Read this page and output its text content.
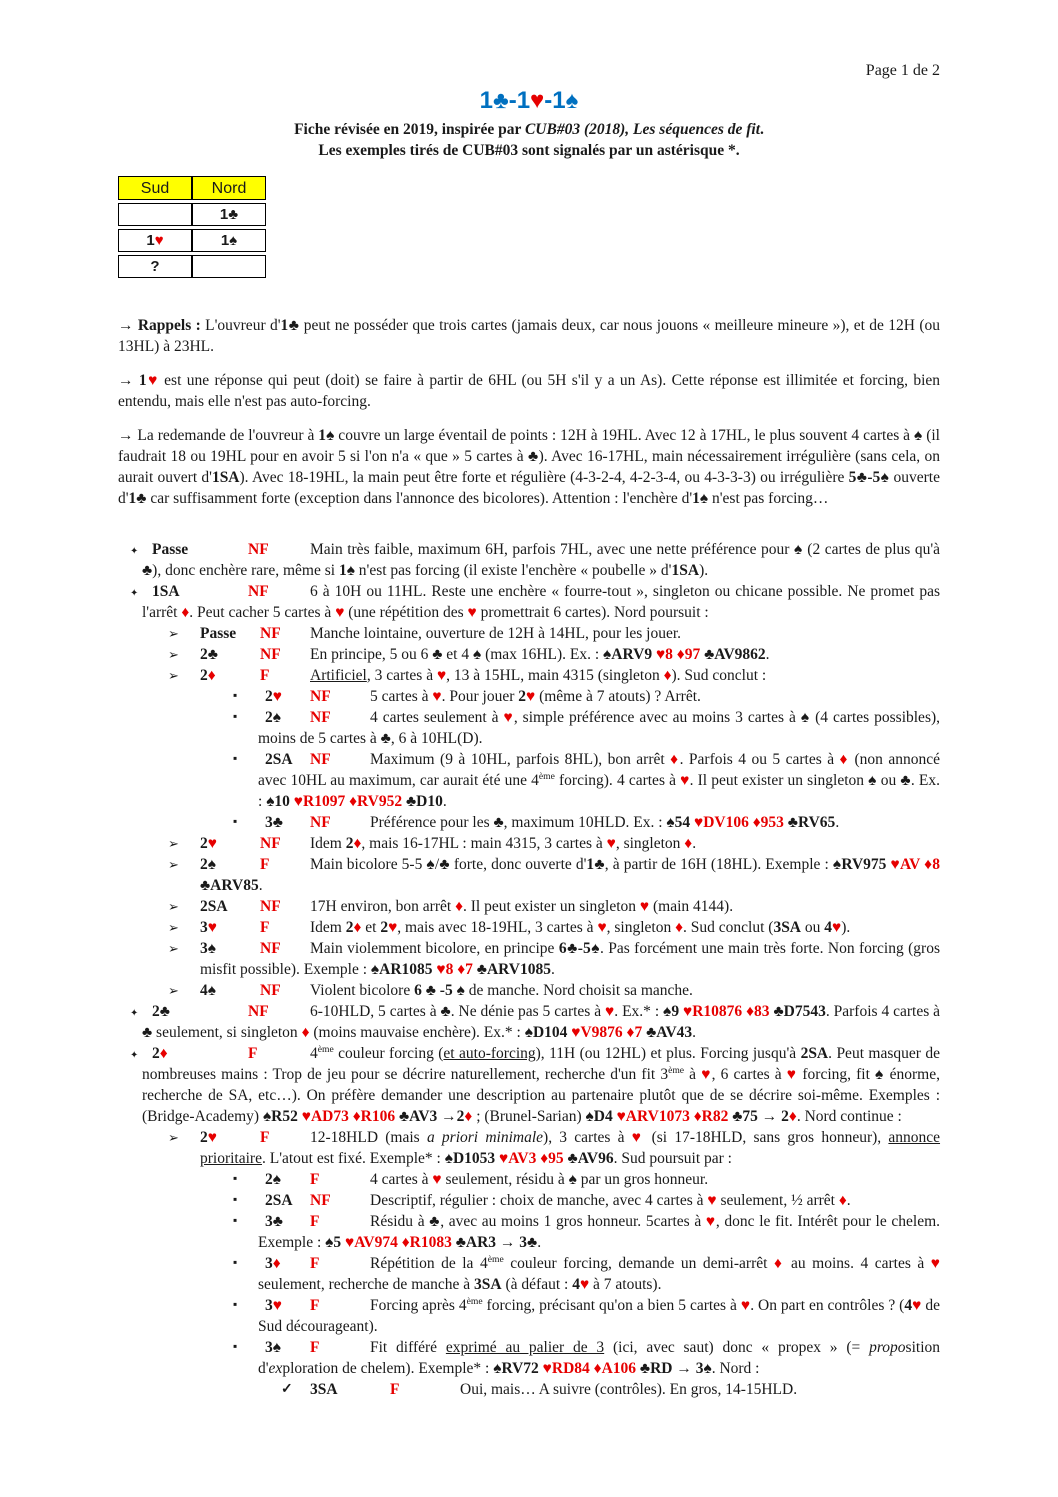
Page 1 de 2
1♣-1♥-1♠
Fiche révisée en 2019, inspirée par CUB#03 (2018), Les séquences de fit.
Les exemples tirés de CUB#03 sont signalés par un astérisque *.
Sud	Nord
	1♣
1♥	1♠
?	

→ Rappels : L'ouvreur d'1♣ peut ne posséder que trois cartes (jamais deux, car nous jouons « meilleure mineure »), et de 12H (ou 13HL) à 23HL.

→ 1♥ est une réponse qui peut (doit) se faire à partir de 6HL (ou 5H s'il y a un As). Cette réponse est illimitée et forcing, bien entendu, mais elle n'est pas auto-forcing.

→ La redemande de l'ouvreur à 1♠ couvre un large éventail de points : 12H à 19HL. Avec 12 à 17HL, le plus souvent 4 cartes à ♠ (il faudrait 18 ou 19HL pour en avoir 5 si l'on n'a « que » 5 cartes à ♣). Avec 16-17HL, main nécessairement irrégulière (sans cela, on aurait ouvert d'1SA). Avec 18-19HL, la main peut être forte et régulière (4-3-2-4, 4-2-3-4, ou 4-3-3-3) ou irrégulière 5♣-5♠ ouverte d'1♣ car suffisamment forte (exception dans l'annonce des bicolores). Attention : l'enchère d'1♠ n'est pas forcing…

✦ Passe	NF	Main très faible, maximum 6H, parfois 7HL, avec une nette préférence pour ♠ (2 cartes de plus qu'à ♣), donc enchère rare, même si 1♠ n'est pas forcing (il existe l'enchère « poubelle » d'1SA).
✦ 1SA	NF	6 à 10H ou 11HL. Reste une enchère « fourre-tout », singleton ou chicane possible. Ne promet pas l'arrêt ♦. Peut cacher 5 cartes à ♥ (une répétition des ♥ promettrait 6 cartes). Nord poursuit :
➢ Passe NF Manche lointaine, ouverture de 12H à 14HL, pour les jouer.
➢ 2♣	NF En principe, 5 ou 6 ♣ et 4 ♠ (max 16HL). Ex. : ♠ARV9 ♥8 ♦97 ♣AV9862.
➢ 2♦	F	Artificiel, 3 cartes à ♥, 13 à 15HL, main 4315 (singleton ♦). Sud conclut :
▪ 2♥ NF	5 cartes à ♥. Pour jouer 2♥ (même à 7 atouts) ? Arrêt.
▪ 2♠ NF	4 cartes seulement à ♥, simple préférence avec au moins 3 cartes à ♠ (4 cartes possibles), moins de 5 cartes à ♣, 6 à 10HL(D).
▪ 2SA NF	Maximum (9 à 10HL, parfois 8HL), bon arrêt ♦. Parfois 4 ou 5 cartes à ♦ (non annoncé avec 10HL au maximum, car aurait été une 4ème forcing). 4 cartes à ♥. Il peut exister un singleton ♠ ou ♣. Ex. : ♠10 ♥R1097 ♦RV952 ♣D10.
▪ 3♣ NF	Préférence pour les ♣, maximum 10HLD. Ex. : ♠54 ♥DV106 ♦953 ♣RV65.
➢ 2♥	NF Idem 2♦, mais 16-17HL : main 4315, 3 cartes à ♥, singleton ♦.
➢ 2♠	F	Main bicolore 5-5 ♠/♣ forte, donc ouverte d'1♣, à partir de 16H (18HL). Exemple : ♠RV975 ♥AV ♦8 ♣ARV85.
➢ 2SA NF 17H environ, bon arrêt ♦. Il peut exister un singleton ♥ (main 4144).
➢ 3♥	F	Idem 2♦ et 2♥, mais avec 18-19HL, 3 cartes à ♥, singleton ♦. Sud conclut (3SA ou 4♥).
➢ 3♠	NF Main violemment bicolore, en principe 6♣-5♠. Pas forcément une main très forte. Non forcing (gros misfit possible). Exemple : ♠AR1085 ♥8 ♦7 ♣ARV1085.
➢ 4♠	NF Violent bicolore 6 ♣ -5 ♠ de manche. Nord choisit sa manche.
✦ 2♣	NF	6-10HLD, 5 cartes à ♣. Ne dénie pas 5 cartes à ♥. Ex.* : ♠9 ♥R10876 ♦83 ♣D7543. Parfois 4 cartes à ♣ seulement, si singleton ♦ (moins mauvaise enchère). Ex.* : ♠D104 ♥V9876 ♦7 ♣AV43.
✦ 2♦	F	4ème couleur forcing (et auto-forcing), 11H (ou 12HL) et plus. Forcing jusqu'à 2SA. Peut masquer de nombreuses mains : Trop de jeu pour se décrire naturellement, recherche d'un fit 3ème à ♥, 6 cartes à ♥ forcing, fit ♠ énorme, recherche de SA, etc…). On préfère demander une description au partenaire plutôt que de se décrire soi-même. Exemples : (Bridge-Academy) ♠R52 ♥AD73 ♦R106 ♣AV3 →2♦ ; (Brunel-Sarian) ♠D4 ♥ARV1073 ♦R82 ♣75 → 2♦. Nord continue :
➢ 2♥	F	12-18HLD (mais a priori minimale), 3 cartes à ♥ (si 17-18HLD, sans gros honneur), annonce prioritaire. L'atout est fixé. Exemple* : ♠D1053 ♥AV3 ♦95 ♣AV96. Sud poursuit par :
▪ 2♠ F	4 cartes à ♥ seulement, résidu à ♠ par un gros honneur.
▪ 2SA NF	Descriptif, régulier : choix de manche, avec 4 cartes à ♥ seulement, ½ arrêt ♦.
▪ 3♣ F	Résidu à ♣, avec au moins 1 gros honneur. 5cartes à ♥, donc le fit. Intérêt pour le chelem. Exemple : ♠5 ♥AV974 ♦R1083 ♣AR3 → 3♣.
▪ 3♦ F	Répétition de la 4ème couleur forcing, demande un demi-arrêt ♦ au moins. 4 cartes à ♥ seulement, recherche de manche à 3SA (à défaut : 4♥ à 7 atouts).
▪ 3♥ F	Forcing après 4ème forcing, précisant qu'on a bien 5 cartes à ♥. On part en contrôles ? (4♥ de Sud décourageant).
▪ 3♠ F	Fit différé exprimé au palier de 3 (ici, avec saut) donc « propex » (= proposition d'exploration de chelem). Exemple* : ♠RV72 ♥RD84 ♦A106 ♣RD → 3♠. Nord :
✓ 3SA	F	Oui, mais… A suivre (contrôles). En gros, 14-15HLD.
